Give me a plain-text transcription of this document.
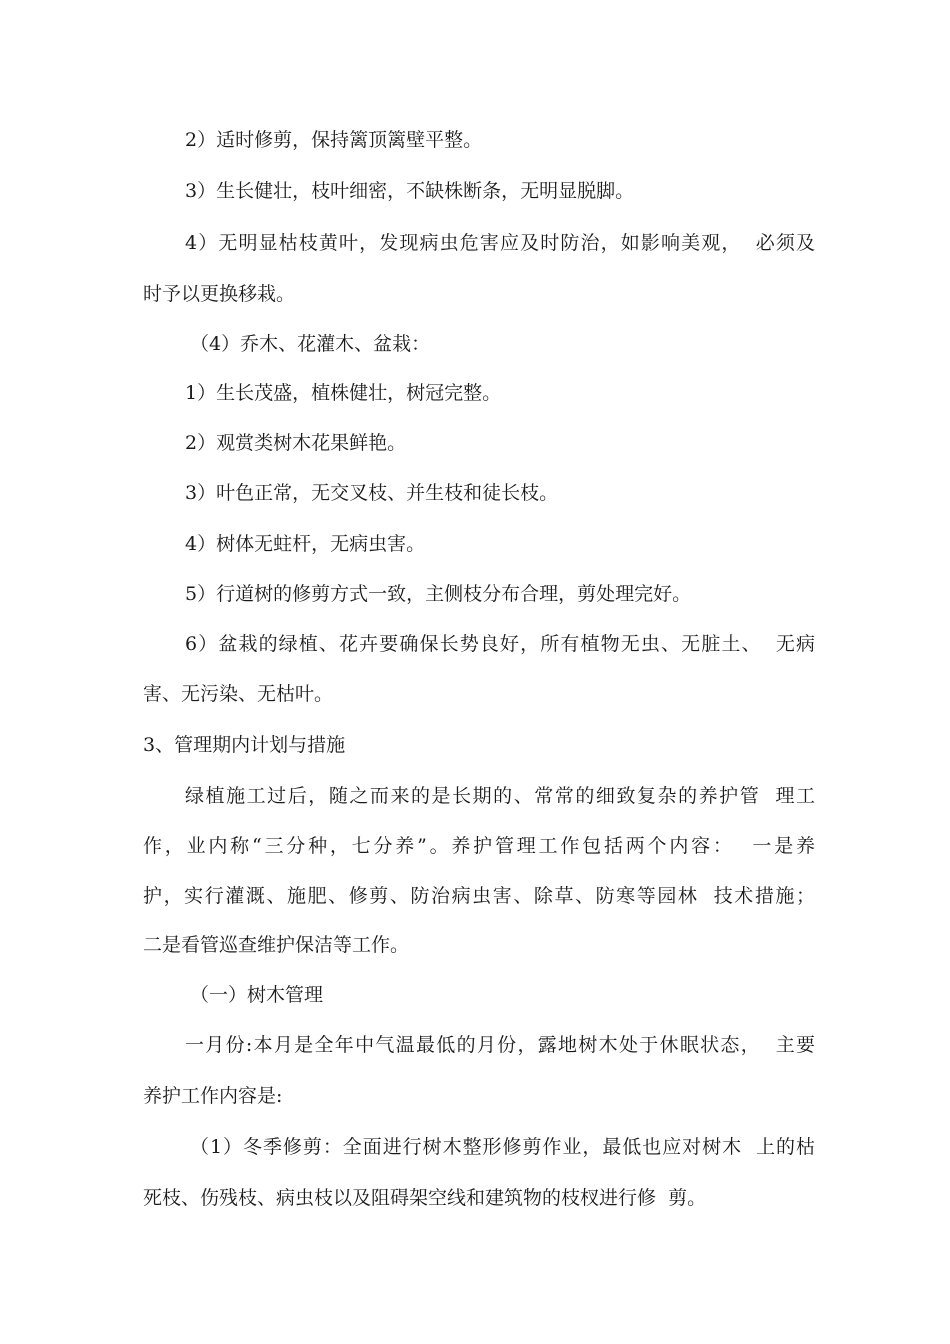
2）适时修剪，保持篱顶篱壁平整。

3）生长健壮，枝叶细密，不缺株断条，无明显脱脚。

4）无明显枯枝黄叶，发现病虫危害应及时防治，如影响美观，  必须及

时予以更换移栽。

（4）乔木、花灌木、盆栽：

1）生长茂盛，植株健壮，树冠完整。

2）观赏类树木花果鲜艳。

3）叶色正常，无交叉枝、并生枝和徒长枝。

4）树体无蛀杆，无病虫害。

5）行道树的修剪方式一致，主侧枝分布合理，剪处理完好。

6）盆栽的绿植、花卉要确保长势良好，所有植物无虫、无脏土、  无病

害、无污染、无枯叶。

3、管理期内计划与措施

绿植施工过后，随之而来的是长期的、常常的细致复杂的养护管  理工

作，业内称“三分种，七分养”。养护管理工作包括两个内容：  一是养

护，实行灌溉、施肥、修剪、防治病虫害、除草、防寒等园林  技术措施；

二是看管巡查维护保洁等工作。

（一）树木管理

一月份:本月是全年中气温最低的月份，露地树木处于休眠状态，  主要

养护工作内容是:

（1）冬季修剪：全面进行树木整形修剪作业，最低也应对树木  上的枯

死枝、伤残枝、病虫枝以及阻碍架空线和建筑物的枝杈进行修  剪。
